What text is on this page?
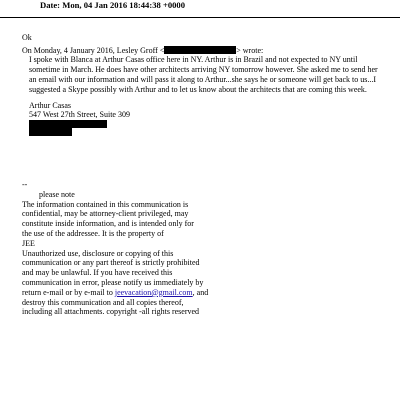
Date: Mon, 04 Jan 2016 18:44:38 +0000
Ok
On Monday, 4 January 2016, Lesley Groff <	> wrote:
I spoke with Blanca at Arthur Casas office here in NY. Arthur is in Brazil and not expected to NY until
sometime in March. He does have other architects arriving NY tomorrow however. She asked me to send her
an email with our information and will pass it along to Arthur...she says he or someone will get back to us...I
suggested a Skype possibly with Arthur and to let us know about the architects that are coming this week.
Arthur Casas
547 West 27th Street, Suite 309
--
please note
The information contained in this communication is
confidential, may be attorney-client privileged, may
constitute inside information, and is intended only for
the use of the addressee. It is the property of
JEE
Unauthorized use, disclosure or copying of this
communication or any part thereof is strictly prohibited
and may be unlawful. If you have received this
communication in error, please notify us immediately by
return e-mail or by e-mail to jeevacation@gmail.com, and
destroy this communication and all copies thereof,
including all attachments. copyright -all rights reserved
